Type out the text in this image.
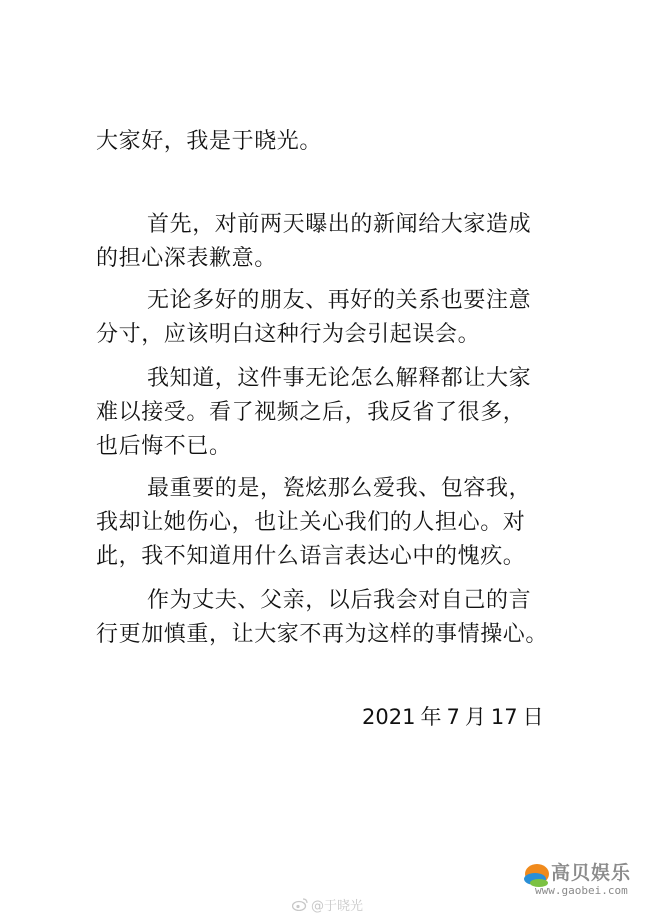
大家好，我是于晓光。
首先，对前两天曝出的新闻给大家造成
的担心深表歉意。
无论多好的朋友、再好的关系也要注意
分寸，应该明白这种行为会引起误会。
我知道，这件事无论怎么解释都让大家
难以接受。看了视频之后，我反省了很多，
也后悔不已。
最重要的是，瓷炫那么爱我、包容我，
我却让她伤心，也让关心我们的人担心。对
此，我不知道用什么语言表达心中的愧疚。
作为丈夫、父亲，以后我会对自己的言
行更加慎重，让大家不再为这样的事情操心。
2021 年 7 月 17 日
高贝娱乐
www.gaobei.com
@于晓光
